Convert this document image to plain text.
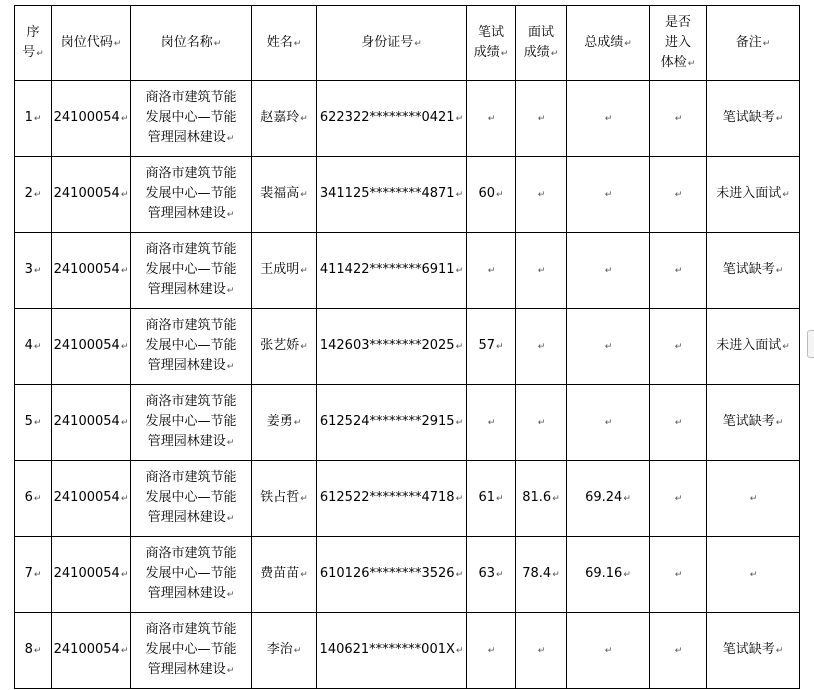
序
号↵	岗位代码↵	岗位名称↵	姓名↵	身份证号↵	笔试
成绩↵	面试
成绩↵	总成绩↵	是否
进入
体检↵	备注↵

1↵	24100054↵	商洛市建筑节能
发展中心—节能
管理园林建设↵	赵嘉玲↵	622322********0421↵	↵	↵	↵	↵	笔试缺考↵
2↵	24100054↵	商洛市建筑节能
发展中心—节能
管理园林建设↵	裴福高↵	341125********4871↵	60↵	↵	↵	↵	未进入面试↵
3↵	24100054↵	商洛市建筑节能
发展中心—节能
管理园林建设↵	王成明↵	411422********6911↵	↵	↵	↵	↵	笔试缺考↵
4↵	24100054↵	商洛市建筑节能
发展中心—节能
管理园林建设↵	张艺娇↵	142603********2025↵	57↵	↵	↵	↵	未进入面试↵
5↵	24100054↵	商洛市建筑节能
发展中心—节能
管理园林建设↵	姜勇↵	612524********2915↵	↵	↵	↵	↵	笔试缺考↵
6↵	24100054↵	商洛市建筑节能
发展中心—节能
管理园林建设↵	铁占哲↵	612522********4718↵	61↵	81.6↵	69.24↵	↵	↵
7↵	24100054↵	商洛市建筑节能
发展中心—节能
管理园林建设↵	费苗苗↵	610126********3526↵	63↵	78.4↵	69.16↵	↵	↵
8↵	24100054↵	商洛市建筑节能
发展中心—节能
管理园林建设↵	李治↵	140621********001X↵	↵	↵	↵	↵	笔试缺考↵
